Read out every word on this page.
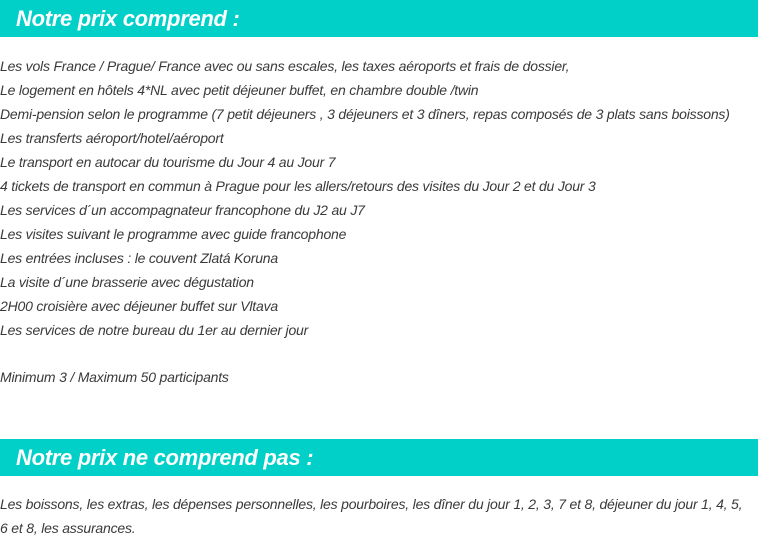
Notre prix comprend :
Les vols France / Prague/ France avec ou sans escales, les taxes aéroports et frais de dossier,
Le logement en hôtels 4*NL avec petit déjeuner buffet, en chambre double /twin
Demi-pension selon le programme (7 petit déjeuners , 3 déjeuners et 3 dîners, repas composés de 3 plats sans boissons)
Les transferts aéroport/hotel/aéroport
Le transport en autocar du tourisme du Jour 4 au Jour 7
4 tickets de transport en commun à Prague pour les allers/retours des visites du Jour 2 et du Jour 3
Les services d´un accompagnateur francophone du J2 au J7
Les visites suivant le programme avec guide francophone
Les entrées incluses : le couvent Zlatá Koruna
La visite d´une brasserie avec dégustation
2H00 croisière avec déjeuner buffet sur Vltava
Les services de notre bureau du 1er au dernier jour
Minimum 3 / Maximum 50 participants
Notre prix ne comprend pas :

Les boissons, les extras, les dépenses personnelles, les pourboires, les dîner du jour 1, 2, 3, 7 et 8, déjeuner du jour 1, 4, 5, 6 et 8, les assurances.
